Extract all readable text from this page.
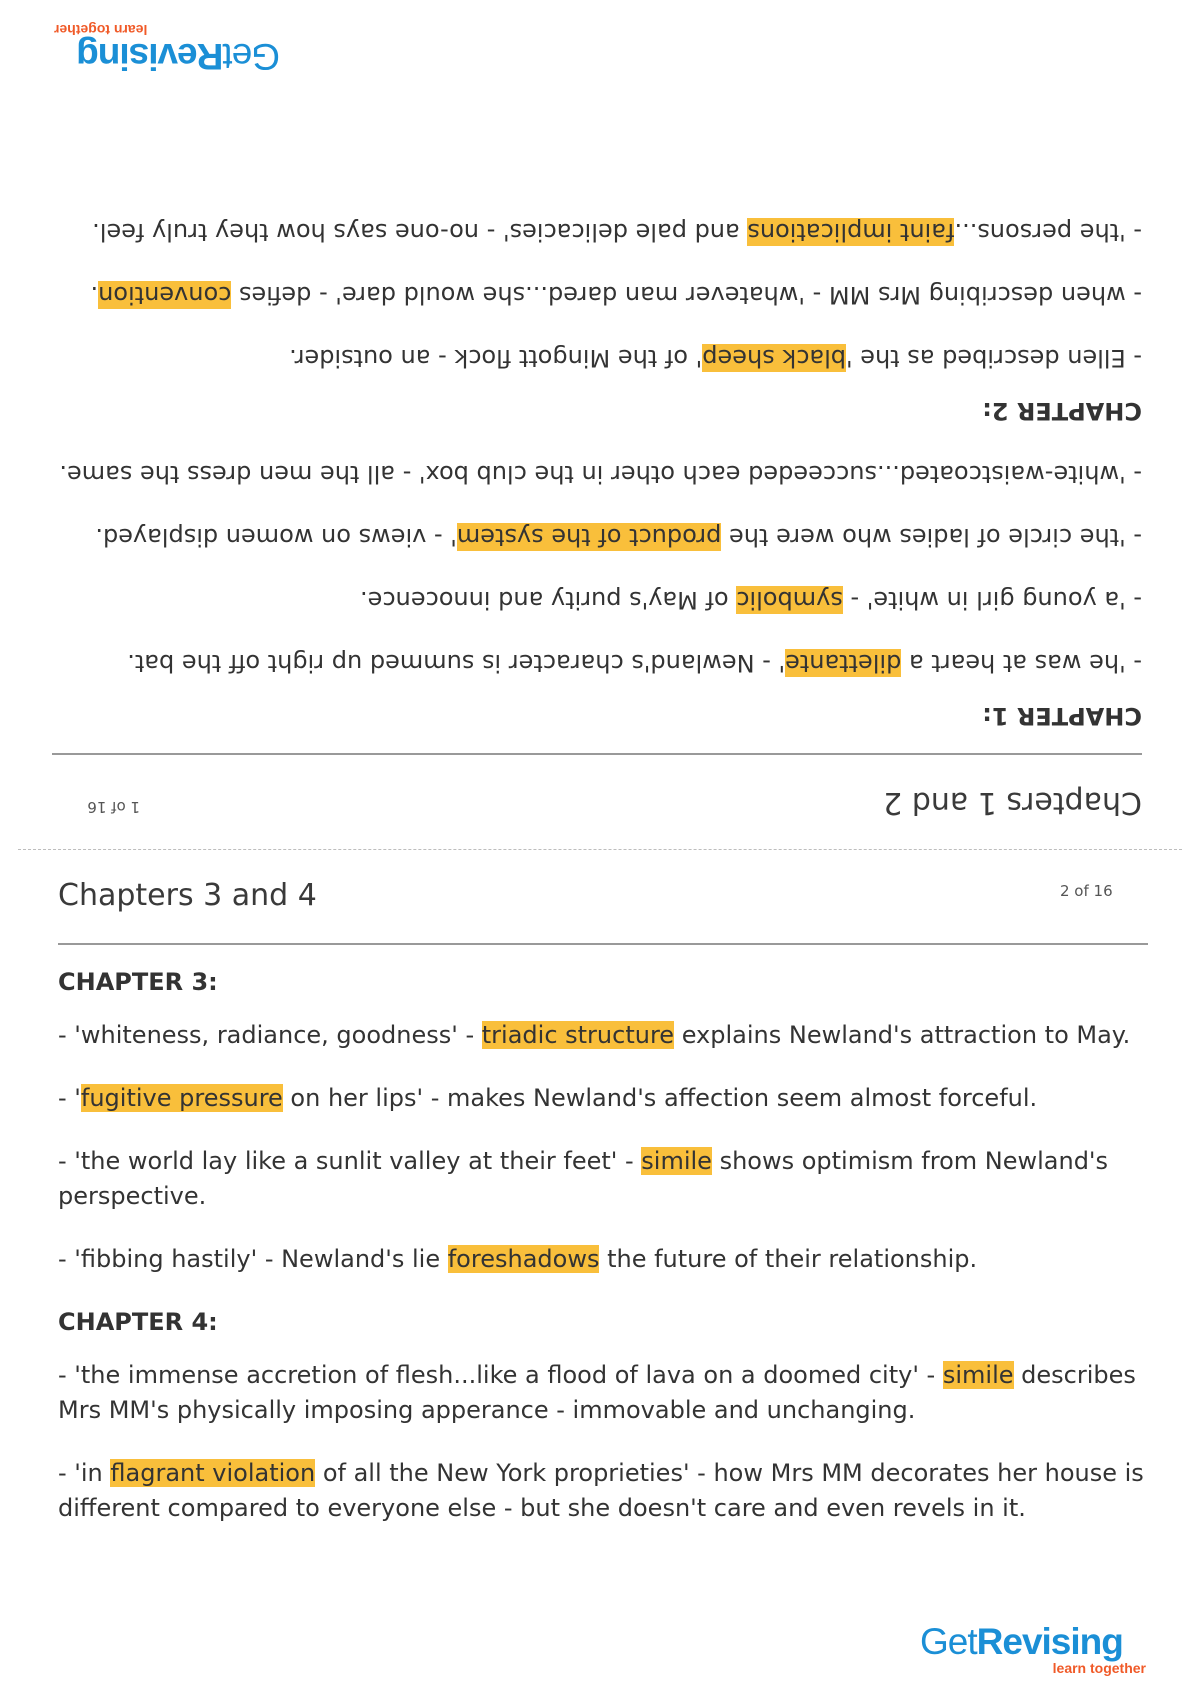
Chapters 1 and 2
1 of 16
CHAPTER 1:
- 'he was at heart a dilettante' - Newland's character is summed up right off the bat.
- 'a young girl in white' - symbolic of May's purity and innocence.
- 'the circle of ladies who were the product of the system' - views on women displayed.
- 'white-waistcoated...succeeded each other in the club box' - all the men dress the same.
CHAPTER 2:
- Ellen described as the 'black sheep' of the Mingott flock - an outsider.
- when describing Mrs MM - 'whatever man dared...she would dare' - defies convention.
- 'the persons...faint implications and pale delicacies' - no-one says how they truly feel.
GetRevising
learn together
Chapters 3 and 4	2 of 16
CHAPTER 3:
- 'whiteness, radiance, goodness' - triadic structure explains Newland's attraction to May.
- 'fugitive pressure on her lips' - makes Newland's affection seem almost forceful.
- 'the world lay like a sunlit valley at their feet' - simile shows optimism from Newland's perspective.
- 'fibbing hastily' - Newland's lie foreshadows the future of their relationship.
CHAPTER 4:
- 'the immense accretion of flesh...like a flood of lava on a doomed city' - simile describes Mrs MM's physically imposing apperance - immovable and unchanging.
- 'in flagrant violation of all the New York proprieties' - how Mrs MM decorates her house is different compared to everyone else - but she doesn't care and even revels in it.
GetRevising
learn together
